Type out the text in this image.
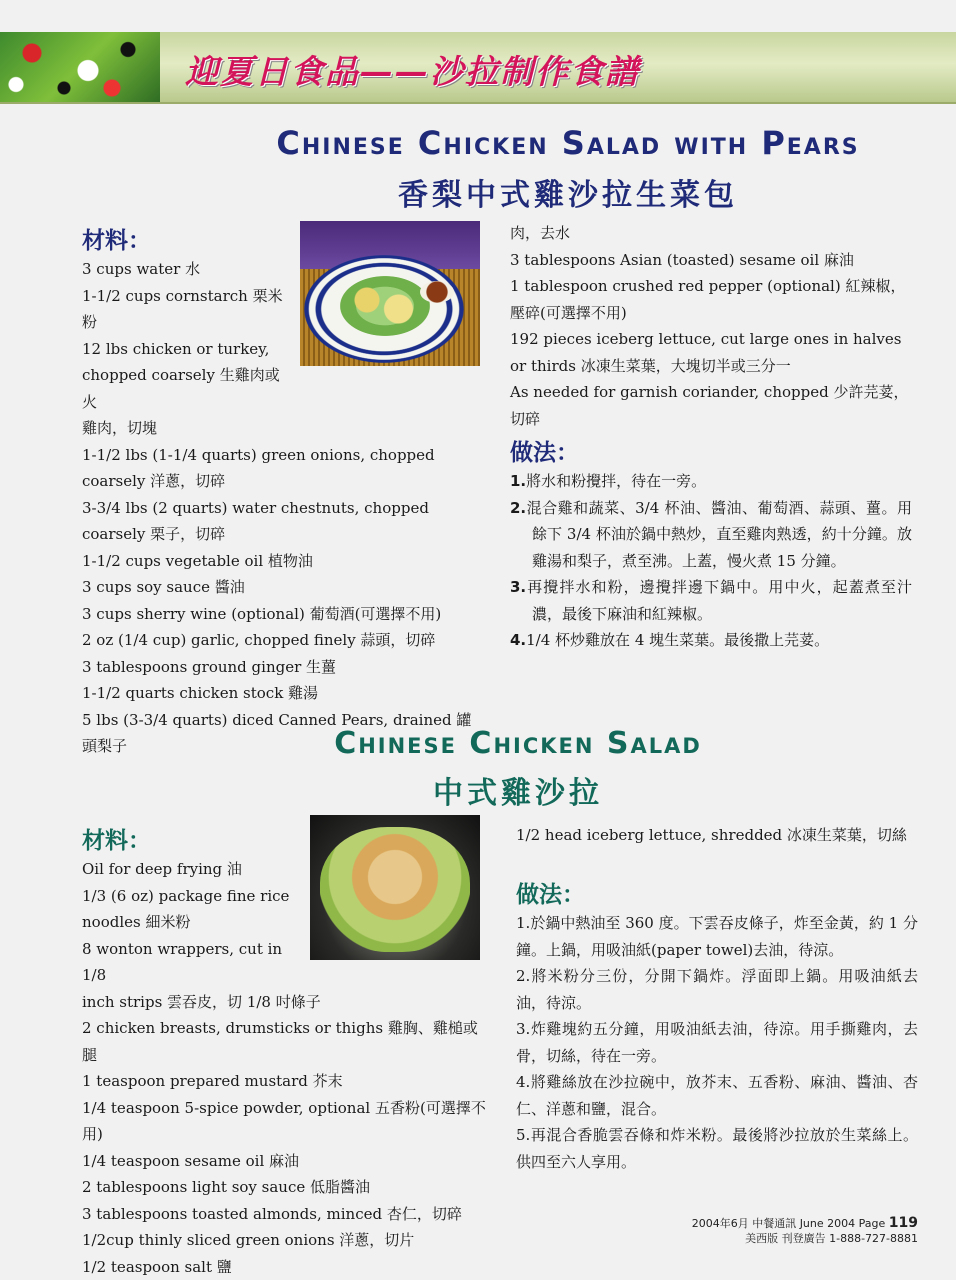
迎夏日食品——沙拉制作食譜
Chinese Chicken Salad with Pears
香梨中式雞沙拉生菜包
材料：
3 cups water 水
1-1/2 cups cornstarch 栗米粉
12 lbs chicken or turkey,
chopped coarsely 生雞肉或火
雞肉，切塊
1-1/2 lbs (1-1/4 quarts) green onions, chopped coarsely 洋蔥，切碎
3-3/4 lbs (2 quarts) water chestnuts, chopped coarsely 栗子，切碎
1-1/2 cups vegetable oil 植物油
3 cups soy sauce 醬油
3 cups sherry wine (optional) 葡萄酒(可選擇不用)
2 oz (1/4 cup) garlic, chopped finely 蒜頭，切碎
3 tablespoons ground ginger 生薑
1-1/2 quarts chicken stock 雞湯
5 lbs (3-3/4 quarts) diced Canned Pears, drained 罐頭梨子
肉，去水
3 tablespoons Asian (toasted) sesame oil 麻油
1 tablespoon crushed red pepper (optional) 紅辣椒，壓碎(可選擇不用)
192 pieces iceberg lettuce, cut large ones in halves or thirds 冰凍生菜葉，大塊切半或三分一
As needed for garnish coriander, chopped 少許芫荽，切碎
做法：
1.將水和粉攪拌，待在一旁。
2.混合雞和蔬菜、3/4 杯油、醬油、葡萄酒、蒜頭、薑。用餘下 3/4 杯油於鍋中熱炒，直至雞肉熟透，約十分鐘。放雞湯和梨子，煮至沸。上蓋，慢火煮 15 分鐘。
3.再攪拌水和粉，邊攪拌邊下鍋中。用中火，起蓋煮至汁濃，最後下麻油和紅辣椒。
4.1/4 杯炒雞放在 4 塊生菜葉。最後撒上芫荽。
Chinese Chicken Salad
中式雞沙拉
材料：
Oil for deep frying 油
1/3 (6 oz) package fine rice
noodles 細米粉
8 wonton wrappers, cut in 1/8
inch strips 雲吞皮，切 1/8 吋條子
2 chicken breasts, drumsticks or thighs 雞胸、雞槌或腿
1 teaspoon prepared mustard 芥末
1/4 teaspoon 5-spice powder, optional 五香粉(可選擇不用)
1/4 teaspoon sesame oil 麻油
2 tablespoons light soy sauce 低脂醬油
3 tablespoons toasted almonds, minced 杏仁，切碎
1/2cup thinly sliced green onions 洋蔥，切片
1/2 teaspoon salt 鹽
1/2 head iceberg lettuce, shredded 冰凍生菜葉，切絲
做法：
1.於鍋中熱油至 360 度。下雲吞皮條子，炸至金黃，約 1 分鐘。上鍋，用吸油紙(paper towel)去油，待涼。
2.將米粉分三份，分開下鍋炸。浮面即上鍋。用吸油紙去油，待涼。
3.炸雞塊約五分鐘，用吸油紙去油，待涼。用手撕雞肉，去骨，切絲，待在一旁。
4.將雞絲放在沙拉碗中，放芥末、五香粉、麻油、醬油、杏仁、洋蔥和鹽，混合。
5.再混合香脆雲吞條和炸米粉。最後將沙拉放於生菜絲上。供四至六人享用。
2004年6月 中餐通訊 June 2004 Page 119
美西版 刊登廣告 1-888-727-8881
